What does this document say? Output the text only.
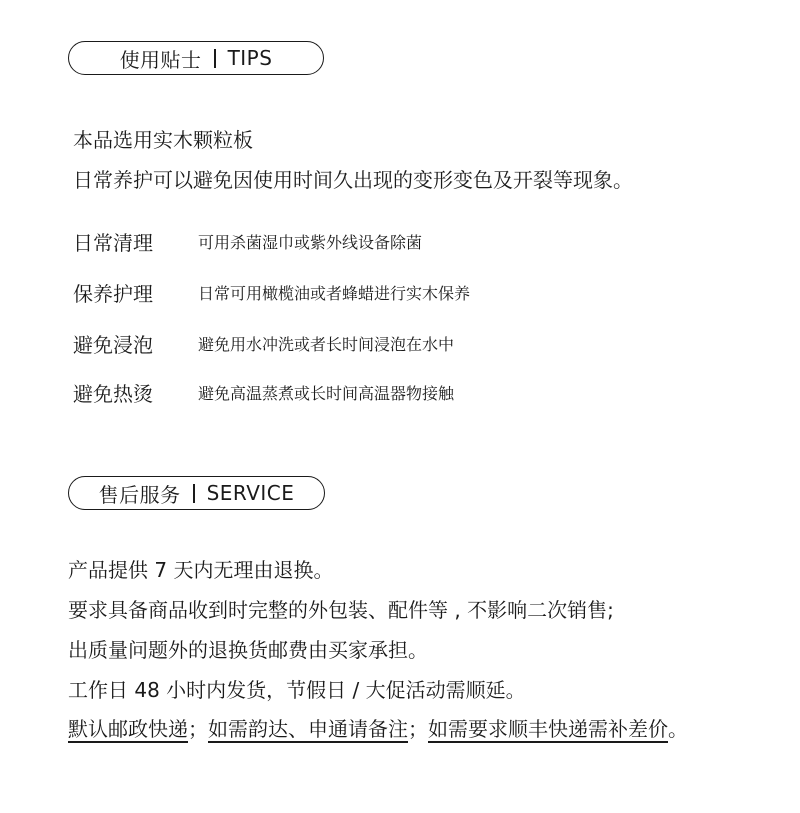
使用贴士 TIPS
本品选用实木颗粒板
日常养护可以避免因使用时间久出现的变形变色及开裂等现象。
日常清理	可用杀菌湿巾或紫外线设备除菌
保养护理	日常可用橄榄油或者蜂蜡进行实木保养
避免浸泡	避免用水冲洗或者长时间浸泡在水中
避免热烫	避免高温蒸煮或长时间高温器物接触
售后服务 SERVICE
产品提供 7 天内无理由退换。
要求具备商品收到时完整的外包装、配件等 , 不影响二次销售;
出质量问题外的退换货邮费由买家承担。
工作日 48 小时内发货，节假日 / 大促活动需顺延。
默认邮政快递；如需韵达、申通请备注；如需要求顺丰快递需补差价。
